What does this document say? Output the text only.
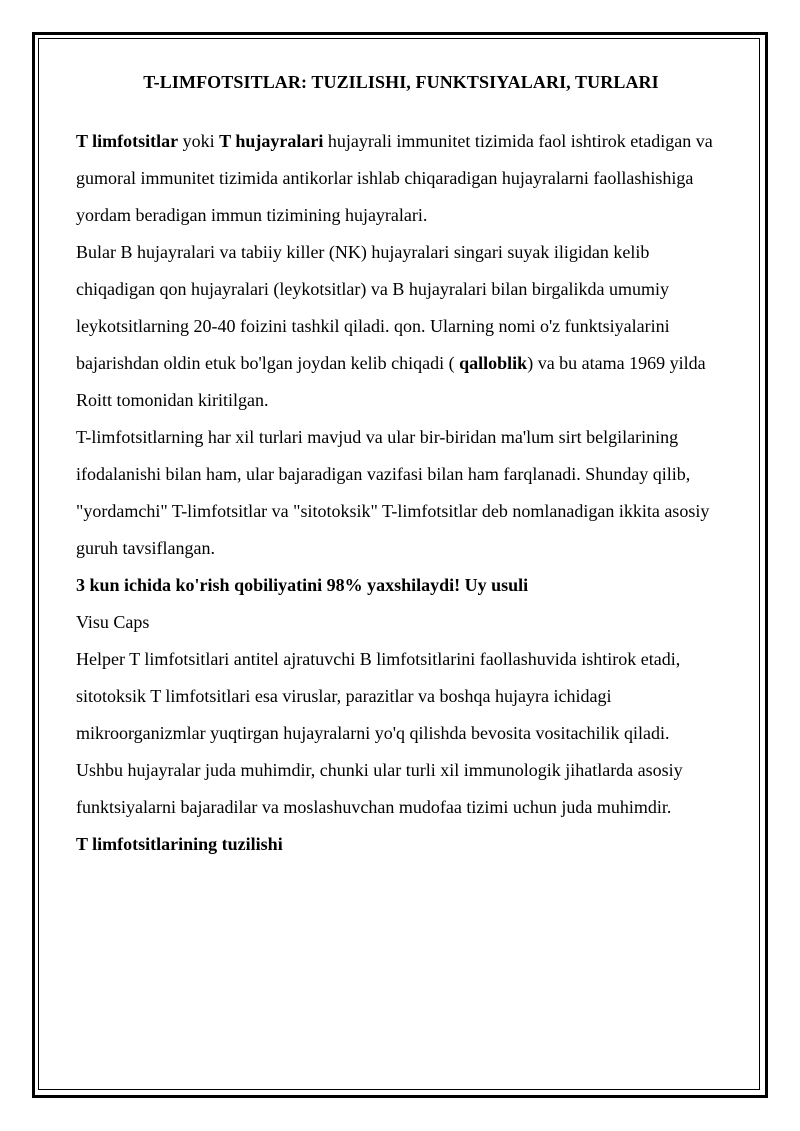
T-LIMFOTSITLAR: TUZILISHI, FUNKTSIYALARI, TURLARI

T limfotsitlar yoki T hujayralari hujayrali immunitet tizimida faol ishtirok etadigan va gumoral immunitet tizimida antikorlar ishlab chiqaradigan hujayralarni faollashishiga yordam beradigan immun tizimining hujayralari.

Bular B hujayralari va tabiiy killer (NK) hujayralari singari suyak iligidan kelib chiqadigan qon hujayralari (leykotsitlar) va B hujayralari bilan birgalikda umumiy leykotsitlarning 20-40 foizini tashkil qiladi. qon. Ularning nomi o'z funktsiyalarini bajarishdan oldin etuk bo'lgan joydan kelib chiqadi ( qalloblik) va bu atama 1969 yilda Roitt tomonidan kiritilgan.

T-limfotsitlarning har xil turlari mavjud va ular bir-biridan ma'lum sirt belgilarining ifodalanishi bilan ham, ular bajaradigan vazifasi bilan ham farqlanadi. Shunday qilib, "yordamchi" T-limfotsitlar va "sitotoksik" T-limfotsitlar deb nomlanadigan ikkita asosiy guruh tavsiflangan.

3 kun ichida ko'rish qobiliyatini 98% yaxshilaydi! Uy usuli

Visu Caps

Helper T limfotsitlari antitel ajratuvchi B limfotsitlarini faollashuvida ishtirok etadi, sitotoksik T limfotsitlari esa viruslar, parazitlar va boshqa hujayra ichidagi mikroorganizmlar yuqtirgan hujayralarni yo'q qilishda bevosita vositachilik qiladi.

Ushbu hujayralar juda muhimdir, chunki ular turli xil immunologik jihatlarda asosiy funktsiyalarni bajaradilar va moslashuvchan mudofaa tizimi uchun juda muhimdir.

T limfotsitlarining tuzilishi
